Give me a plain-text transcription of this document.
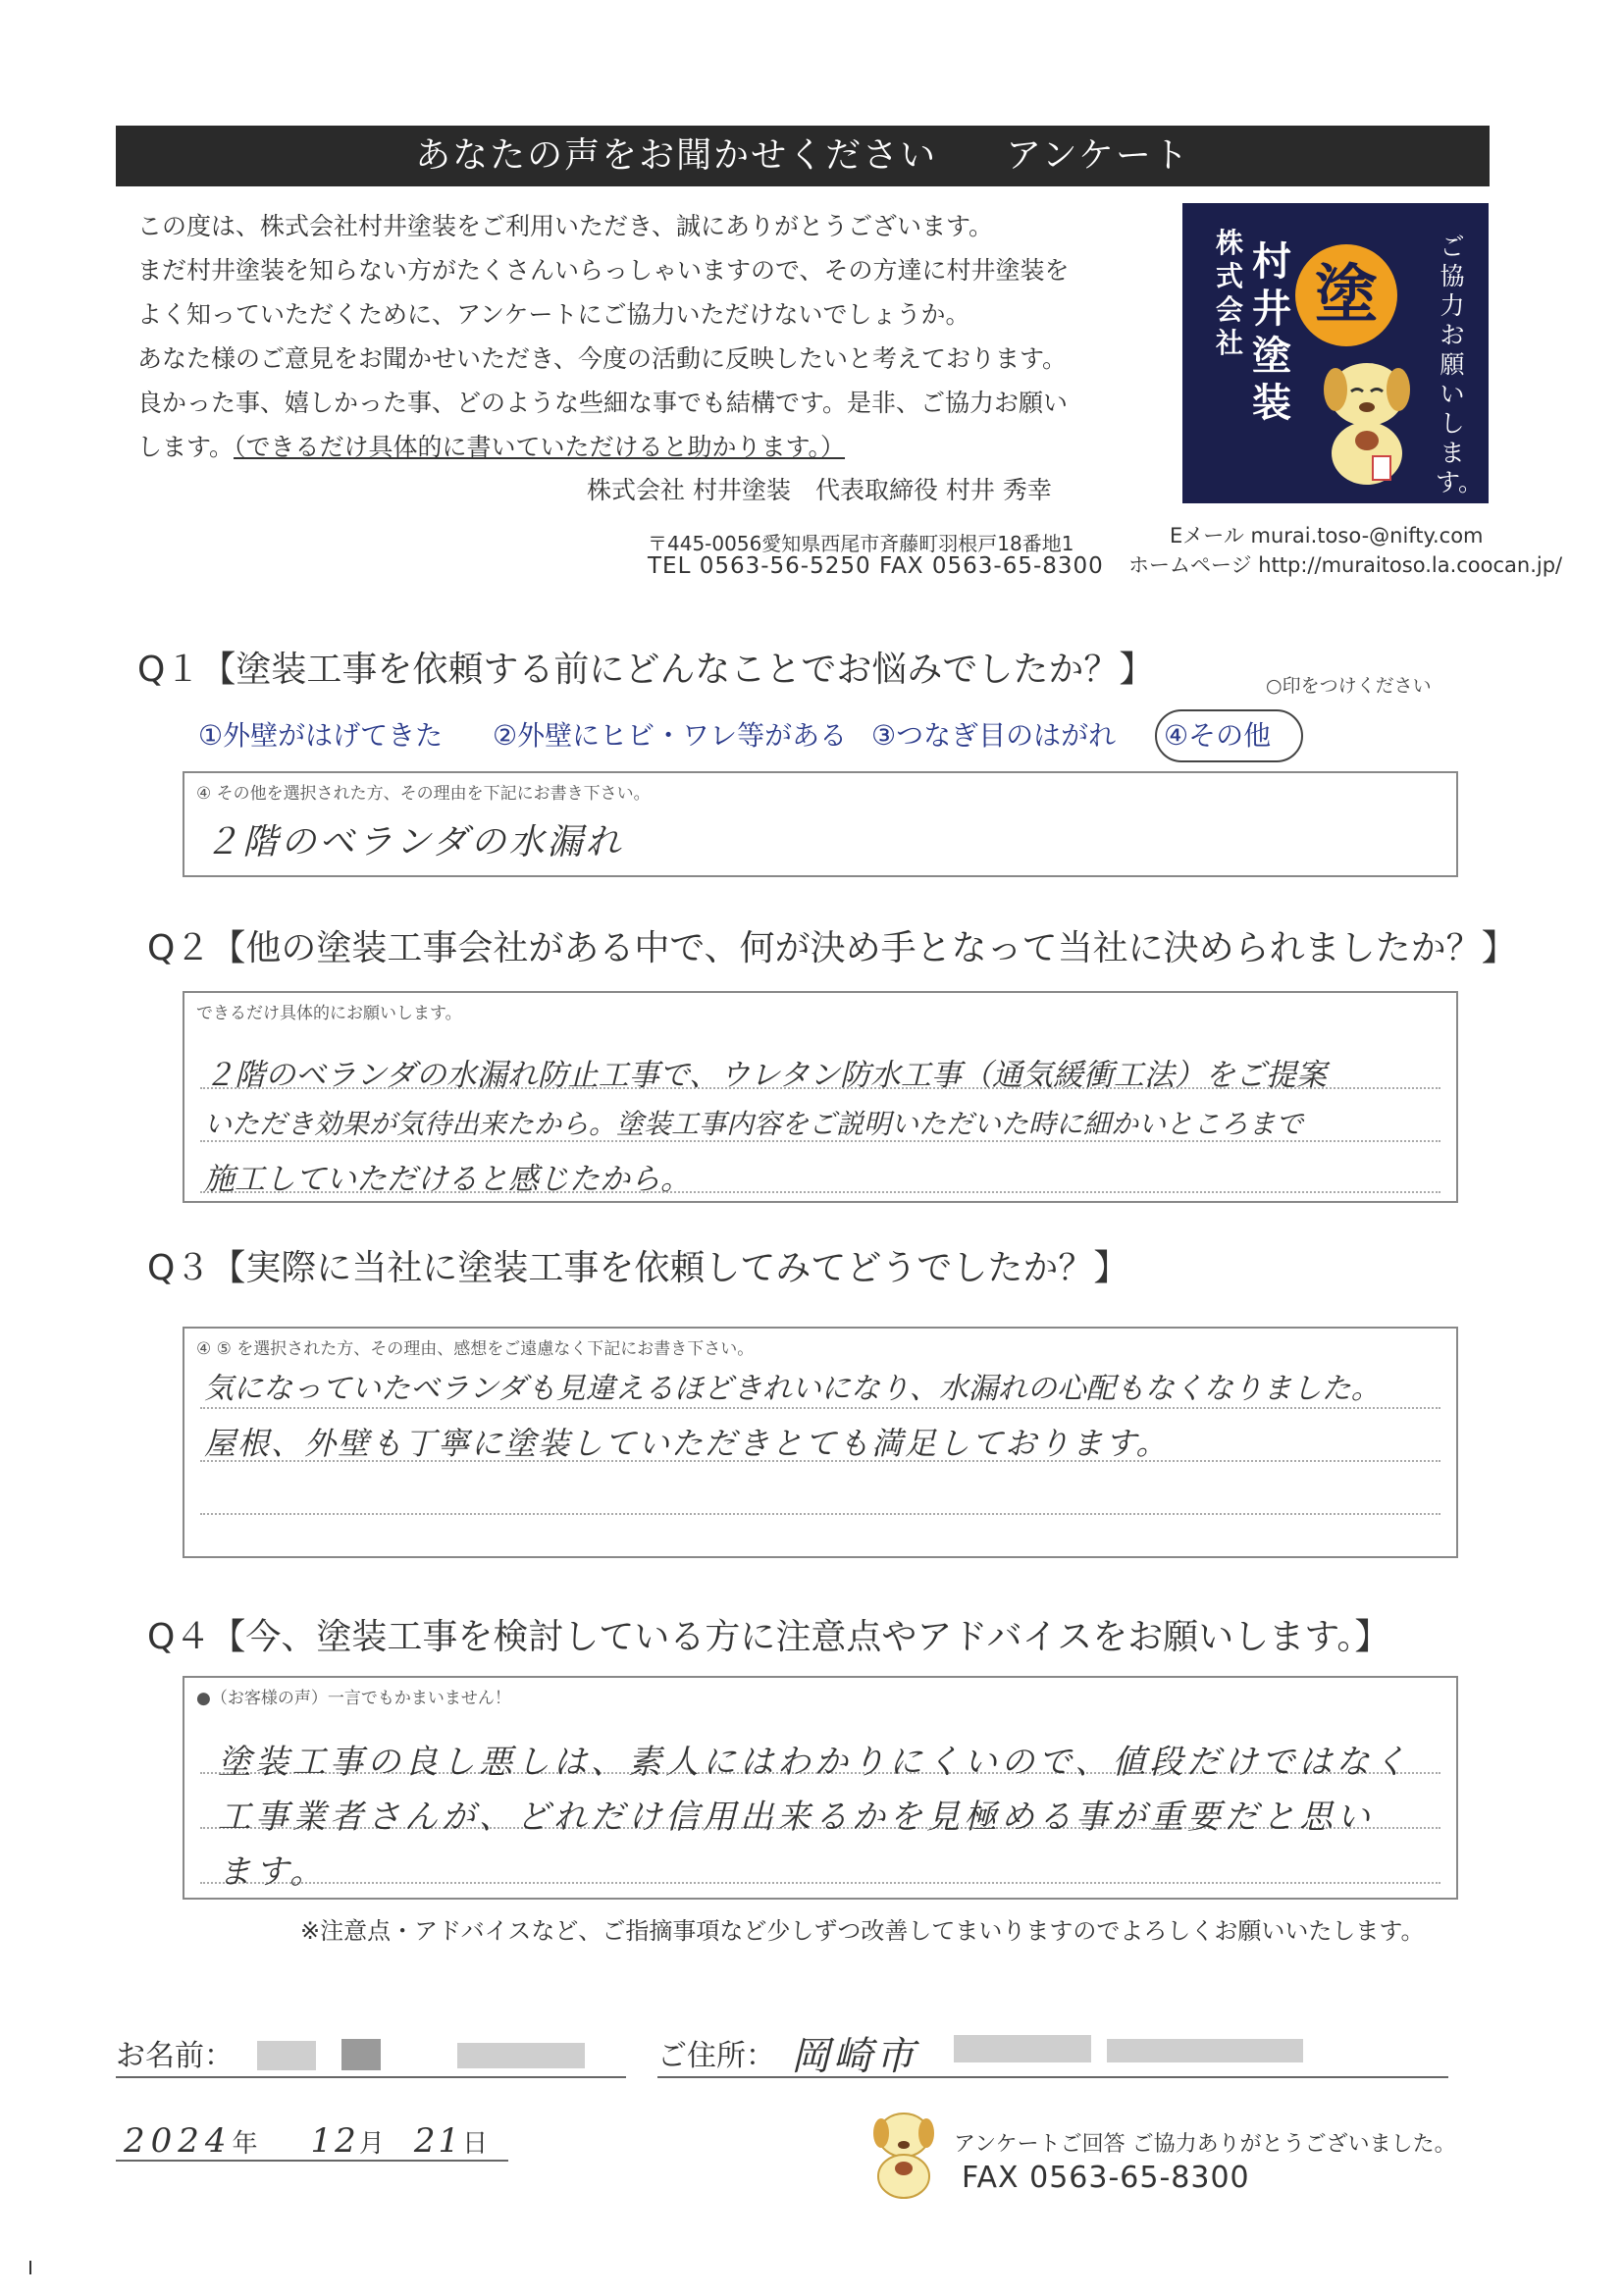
あなたの声をお聞かせください アンケート
この度は、株式会社村井塗装をご利用いただき、誠にありがとうございます。
まだ村井塗装を知らない方がたくさんいらっしゃいますので、その方達に村井塗装を
よく知っていただくために、アンケートにご協力いただけないでしょうか。
あなた様のご意見をお聞かせいただき、今度の活動に反映したいと考えております。
良かった事、嬉しかった事、どのような些細な事でも結構です。是非、ご協力お願い
します。（できるだけ具体的に書いていただけると助かります。）
株式会社 村井塗装　代表取締役 村井 秀幸
〒445-0056愛知県西尾市斉藤町羽根戸18番地1
TEL 0563-56-5250 FAX 0563-65-8300
株式会社
村井塗装
塗
ご協力お願いします。
Eメール murai.toso-@nifty.com
ホームページ http://muraitoso.la.coocan.jp/
Q１【塗装工事を依頼する前にどんなことでお悩みでしたか？】	○印をつけください
①外壁がはげてきた ②外壁にヒビ・ワレ等がある ③つなぎ目のはがれ ④その他
④ その他を選択された方、その理由を下記にお書き下さい。
２階のベランダの水漏れ
Q２【他の塗装工事会社がある中で、何が決め手となって当社に決められましたか？】
できるだけ具体的にお願いします。
２階のベランダの水漏れ防止工事で、ウレタン防水工事（通気緩衝工法）をご提案
いただき効果が気待出来たから。塗装工事内容をご説明いただいた時に細かいところまで
施工していただけると感じたから。
Q３【実際に当社に塗装工事を依頼してみてどうでしたか？】
④ ⑤ を選択された方、その理由、感想をご遠慮なく下記にお書き下さい。
気になっていたベランダも見違えるほどきれいになり、水漏れの心配もなくなりました。
屋根、外壁も丁寧に塗装していただきとても満足しております。
Q４【今、塗装工事を検討している方に注意点やアドバイスをお願いします。】
●（お客様の声）一言でもかまいません！
塗装工事の良し悪しは、素人にはわかりにくいので、値段だけではなく
工事業者さんが、どれだけ信用出来るかを見極める事が重要だと思い
ます。
※注意点・アドバイスなど、ご指摘事項など少しずつ改善してまいりますのでよろしくお願いいたします。
お名前：	ご住所： 岡崎市
2024年 12月 21日	アンケートご回答 ご協力ありがとうございました。
FAX 0563-65-8300
